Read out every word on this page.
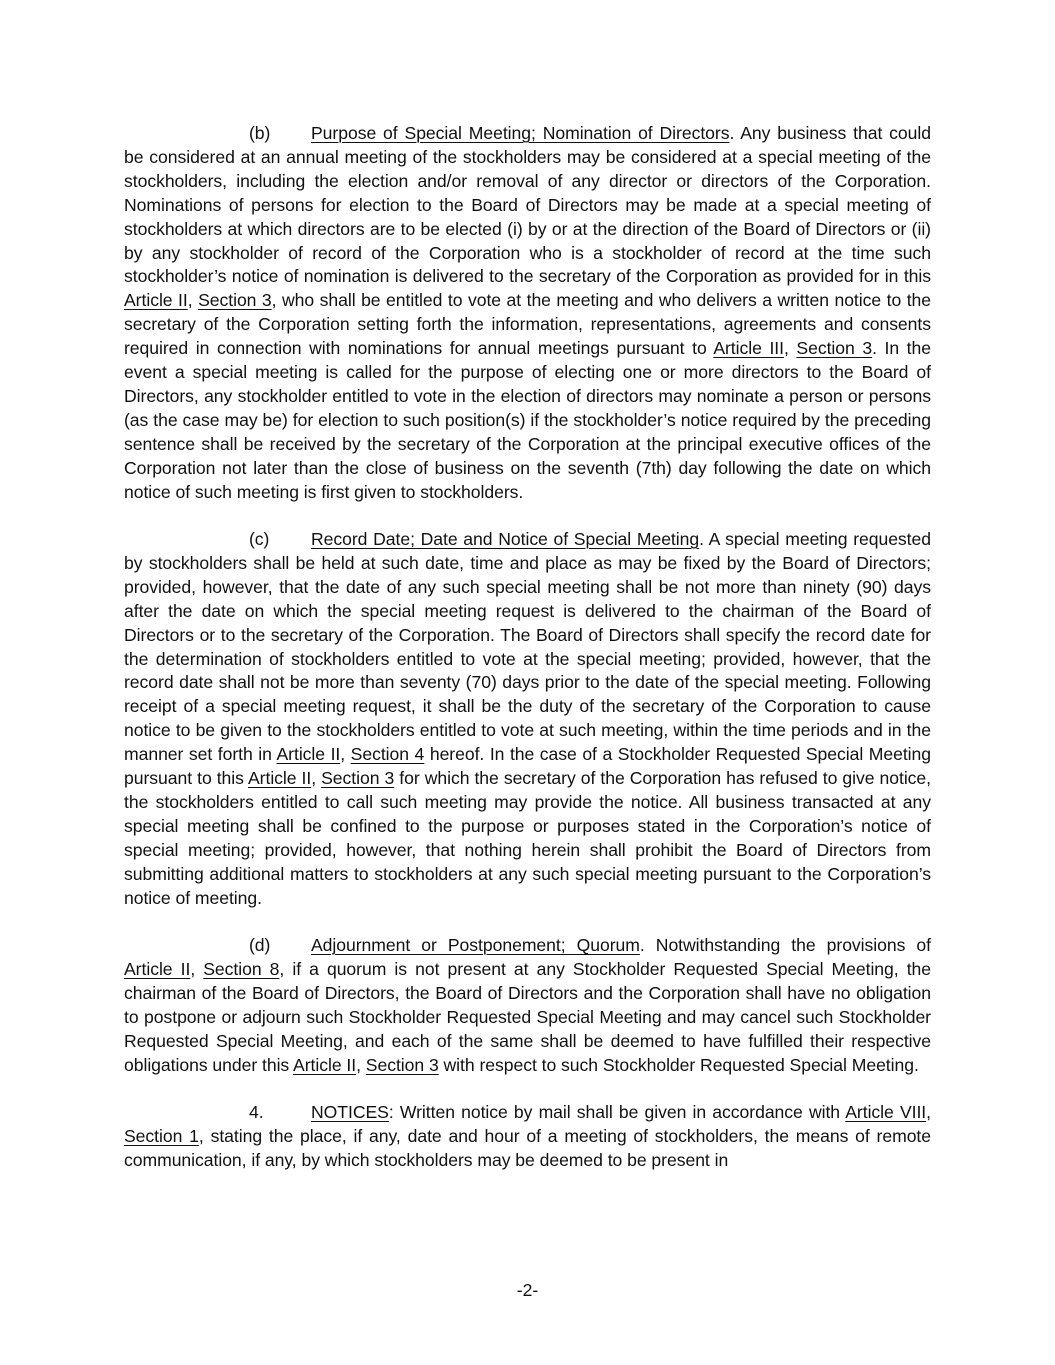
(b) Purpose of Special Meeting; Nomination of Directors. Any business that could be considered at an annual meeting of the stockholders may be considered at a special meeting of the stockholders, including the election and/or removal of any director or directors of the Corporation. Nominations of persons for election to the Board of Directors may be made at a special meeting of stockholders at which directors are to be elected (i) by or at the direction of the Board of Directors or (ii) by any stockholder of record of the Corporation who is a stockholder of record at the time such stockholder’s notice of nomination is delivered to the secretary of the Corporation as provided for in this Article II, Section 3, who shall be entitled to vote at the meeting and who delivers a written notice to the secretary of the Corporation setting forth the information, representations, agreements and consents required in connection with nominations for annual meetings pursuant to Article III, Section 3. In the event a special meeting is called for the purpose of electing one or more directors to the Board of Directors, any stockholder entitled to vote in the election of directors may nominate a person or persons (as the case may be) for election to such position(s) if the stockholder’s notice required by the preceding sentence shall be received by the secretary of the Corporation at the principal executive offices of the Corporation not later than the close of business on the seventh (7th) day following the date on which notice of such meeting is first given to stockholders.

(c) Record Date; Date and Notice of Special Meeting. A special meeting requested by stockholders shall be held at such date, time and place as may be fixed by the Board of Directors; provided, however, that the date of any such special meeting shall be not more than ninety (90) days after the date on which the special meeting request is delivered to the chairman of the Board of Directors or to the secretary of the Corporation. The Board of Directors shall specify the record date for the determination of stockholders entitled to vote at the special meeting; provided, however, that the record date shall not be more than seventy (70) days prior to the date of the special meeting. Following receipt of a special meeting request, it shall be the duty of the secretary of the Corporation to cause notice to be given to the stockholders entitled to vote at such meeting, within the time periods and in the manner set forth in Article II, Section 4 hereof. In the case of a Stockholder Requested Special Meeting pursuant to this Article II, Section 3 for which the secretary of the Corporation has refused to give notice, the stockholders entitled to call such meeting may provide the notice. All business transacted at any special meeting shall be confined to the purpose or purposes stated in the Corporation’s notice of special meeting; provided, however, that nothing herein shall prohibit the Board of Directors from submitting additional matters to stockholders at any such special meeting pursuant to the Corporation’s notice of meeting.

(d) Adjournment or Postponement; Quorum. Notwithstanding the provisions of Article II, Section 8, if a quorum is not present at any Stockholder Requested Special Meeting, the chairman of the Board of Directors, the Board of Directors and the Corporation shall have no obligation to postpone or adjourn such Stockholder Requested Special Meeting and may cancel such Stockholder Requested Special Meeting, and each of the same shall be deemed to have fulfilled their respective obligations under this Article II, Section 3 with respect to such Stockholder Requested Special Meeting.

4.	NOTICES: Written notice by mail shall be given in accordance with Article VIII, Section 1, stating the place, if any, date and hour of a meeting of stockholders, the means of remote communication, if any, by which stockholders may be deemed to be present in

-2-
